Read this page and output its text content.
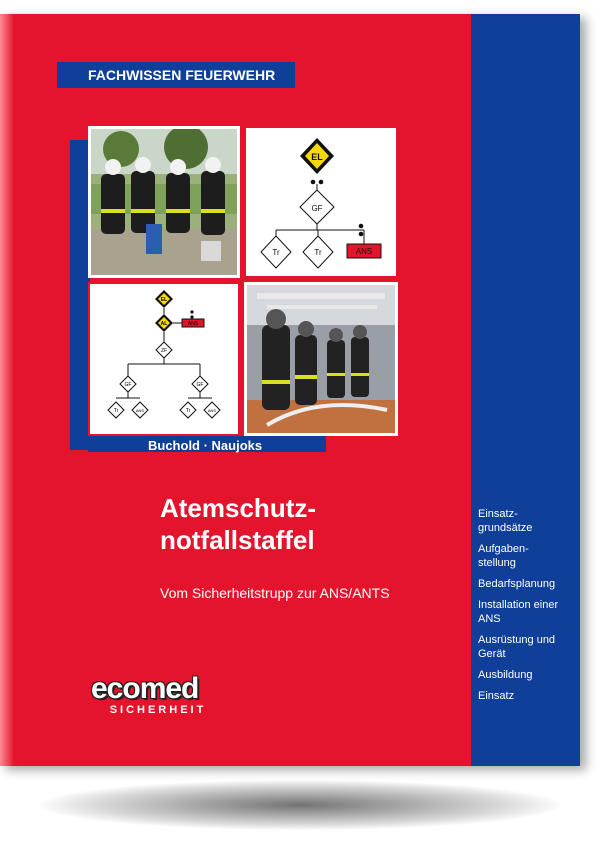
FACHWISSEN FEUERWEHR
EL
GF
Tr	Tr	ANS
EL
AL	ANS
ZF
GF	GF
Tr	ANS	Tr	ANS
Buchold · Naujoks
Atemschutz-
notfallstaffel
Vom Sicherheitstrupp zur ANS/ANTS
Einsatz-
grundsätze
Aufgaben-
stellung
Bedarfsplanung
Installation einer
ANS
Ausrüstung und
Gerät
Ausbildung
Einsatz
ecomed
SICHERHEIT
